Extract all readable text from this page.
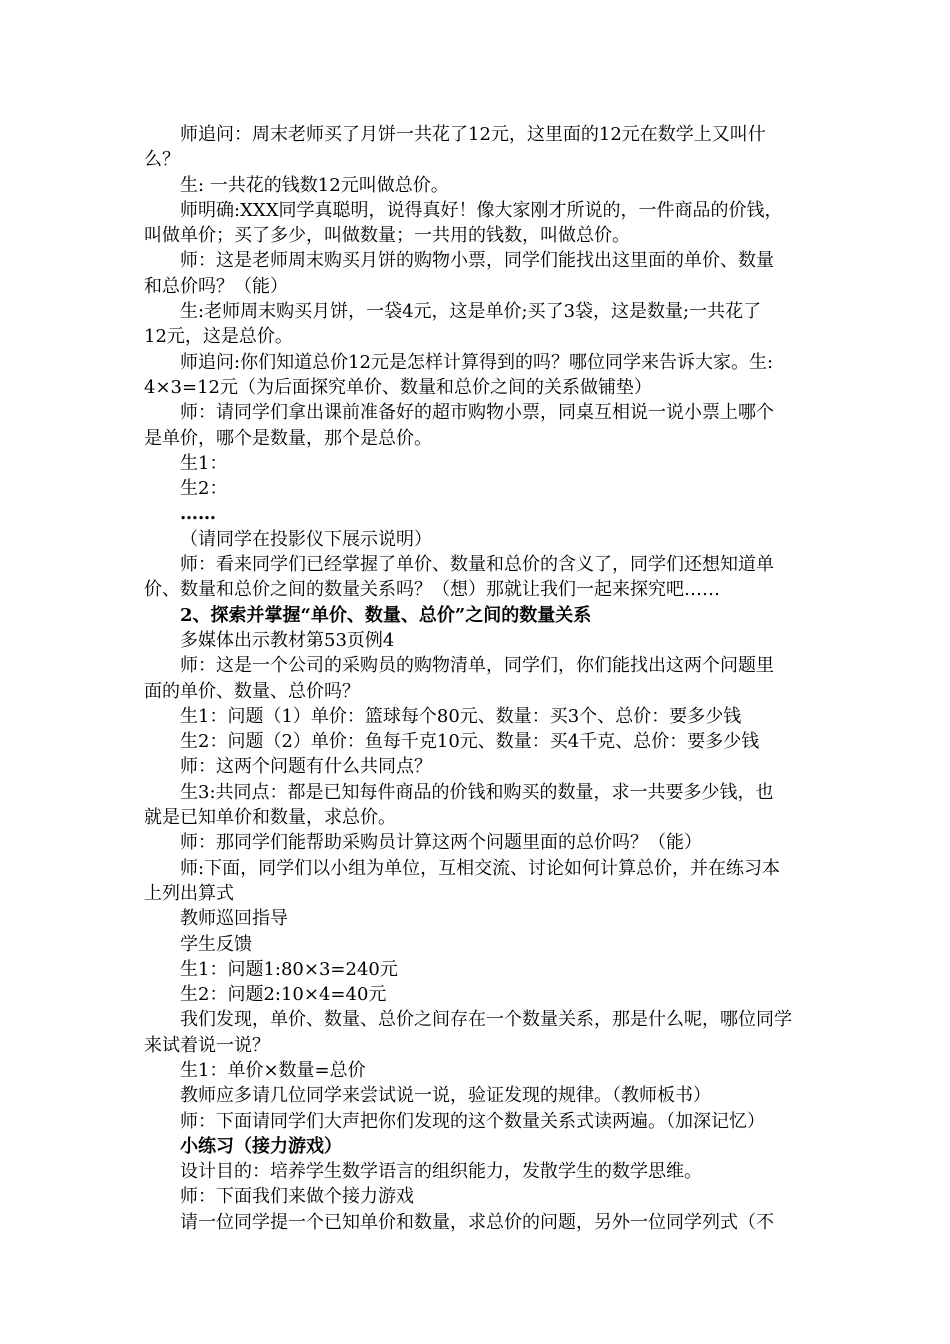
师追问：周末老师买了月饼一共花了12元，这里面的12元在数学上又叫什
么？
生: 一共花的钱数12元叫做总价。
师明确:XXX同学真聪明，说得真好！像大家刚才所说的，一件商品的价钱，
叫做单价；买了多少，叫做数量；一共用的钱数，叫做总价。
师：这是老师周末购买月饼的购物小票，同学们能找出这里面的单价、数量
和总价吗？（能）
生:老师周末购买月饼，一袋4元，这是单价;买了3袋，这是数量;一共花了
12元，这是总价。
师追问:你们知道总价12元是怎样计算得到的吗？哪位同学来告诉大家。生:
4×3=12元（为后面探究单价、数量和总价之间的关系做铺垫）
师：请同学们拿出课前准备好的超市购物小票，同桌互相说一说小票上哪个
是单价，哪个是数量，那个是总价。
生1：
生2：
……
（请同学在投影仪下展示说明）
师：看来同学们已经掌握了单价、数量和总价的含义了，同学们还想知道单
价、数量和总价之间的数量关系吗？（想）那就让我们一起来探究吧……
2、探索并掌握“单价、数量、总价”之间的数量关系
多媒体出示教材第53页例4
师：这是一个公司的采购员的购物清单，同学们，你们能找出这两个问题里
面的单价、数量、总价吗？
生1：问题（1）单价：篮球每个80元、数量：买3个、总价：要多少钱
生2：问题（2）单价：鱼每千克10元、数量：买4千克、总价：要多少钱
师：这两个问题有什么共同点？
生3:共同点：都是已知每件商品的价钱和购买的数量，求一共要多少钱，也
就是已知单价和数量，求总价。
师：那同学们能帮助采购员计算这两个问题里面的总价吗？（能）
师:下面，同学们以小组为单位，互相交流、讨论如何计算总价，并在练习本
上列出算式
教师巡回指导
学生反馈
生1：问题1:80×3=240元
生2：问题2:10×4=40元
我们发现，单价、数量、总价之间存在一个数量关系，那是什么呢，哪位同学
来试着说一说？
生1：单价×数量=总价
教师应多请几位同学来尝试说一说，验证发现的规律。（教师板书）
师：下面请同学们大声把你们发现的这个数量关系式读两遍。（加深记忆）
小练习（接力游戏）
设计目的：培养学生数学语言的组织能力，发散学生的数学思维。
师：下面我们来做个接力游戏
请一位同学提一个已知单价和数量，求总价的问题，另外一位同学列式（不
